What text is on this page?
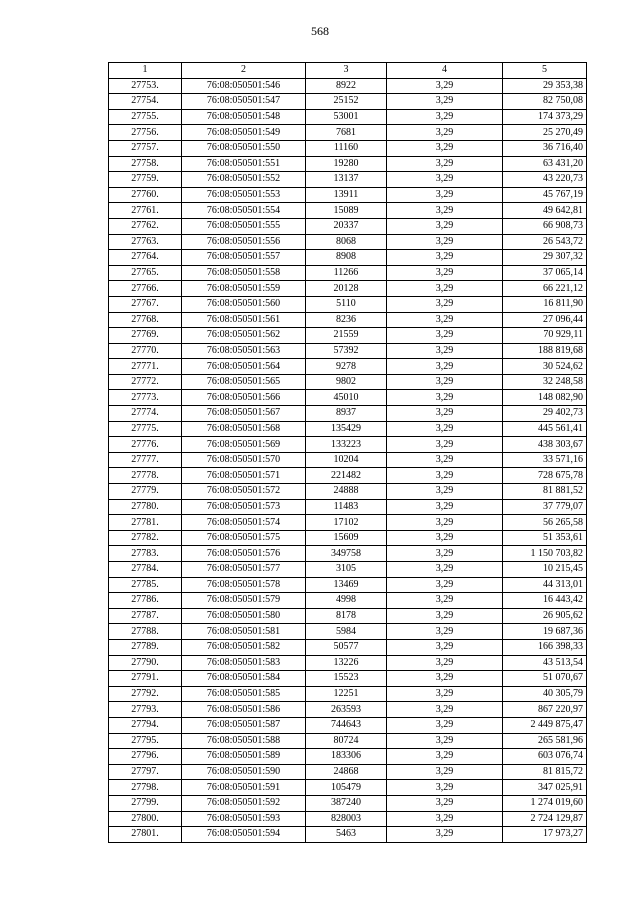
568
1	2	3	4	5
27753.	76:08:050501:546	8922	3,29	29 353,38
27754.	76:08:050501:547	25152	3,29	82 750,08
27755.	76:08:050501:548	53001	3,29	174 373,29
27756.	76:08:050501:549	7681	3,29	25 270,49
27757.	76:08:050501:550	11160	3,29	36 716,40
27758.	76:08:050501:551	19280	3,29	63 431,20
27759.	76:08:050501:552	13137	3,29	43 220,73
27760.	76:08:050501:553	13911	3,29	45 767,19
27761.	76:08:050501:554	15089	3,29	49 642,81
27762.	76:08:050501:555	20337	3,29	66 908,73
27763.	76:08:050501:556	8068	3,29	26 543,72
27764.	76:08:050501:557	8908	3,29	29 307,32
27765.	76:08:050501:558	11266	3,29	37 065,14
27766.	76:08:050501:559	20128	3,29	66 221,12
27767.	76:08:050501:560	5110	3,29	16 811,90
27768.	76:08:050501:561	8236	3,29	27 096,44
27769.	76:08:050501:562	21559	3,29	70 929,11
27770.	76:08:050501:563	57392	3,29	188 819,68
27771.	76:08:050501:564	9278	3,29	30 524,62
27772.	76:08:050501:565	9802	3,29	32 248,58
27773.	76:08:050501:566	45010	3,29	148 082,90
27774.	76:08:050501:567	8937	3,29	29 402,73
27775.	76:08:050501:568	135429	3,29	445 561,41
27776.	76:08:050501:569	133223	3,29	438 303,67
27777.	76:08:050501:570	10204	3,29	33 571,16
27778.	76:08:050501:571	221482	3,29	728 675,78
27779.	76:08:050501:572	24888	3,29	81 881,52
27780.	76:08:050501:573	11483	3,29	37 779,07
27781.	76:08:050501:574	17102	3,29	56 265,58
27782.	76:08:050501:575	15609	3,29	51 353,61
27783.	76:08:050501:576	349758	3,29	1 150 703,82
27784.	76:08:050501:577	3105	3,29	10 215,45
27785.	76:08:050501:578	13469	3,29	44 313,01
27786.	76:08:050501:579	4998	3,29	16 443,42
27787.	76:08:050501:580	8178	3,29	26 905,62
27788.	76:08:050501:581	5984	3,29	19 687,36
27789.	76:08:050501:582	50577	3,29	166 398,33
27790.	76:08:050501:583	13226	3,29	43 513,54
27791.	76:08:050501:584	15523	3,29	51 070,67
27792.	76:08:050501:585	12251	3,29	40 305,79
27793.	76:08:050501:586	263593	3,29	867 220,97
27794.	76:08:050501:587	744643	3,29	2 449 875,47
27795.	76:08:050501:588	80724	3,29	265 581,96
27796.	76:08:050501:589	183306	3,29	603 076,74
27797.	76:08:050501:590	24868	3,29	81 815,72
27798.	76:08:050501:591	105479	3,29	347 025,91
27799.	76:08:050501:592	387240	3,29	1 274 019,60
27800.	76:08:050501:593	828003	3,29	2 724 129,87
27801.	76:08:050501:594	5463	3,29	17 973,27
